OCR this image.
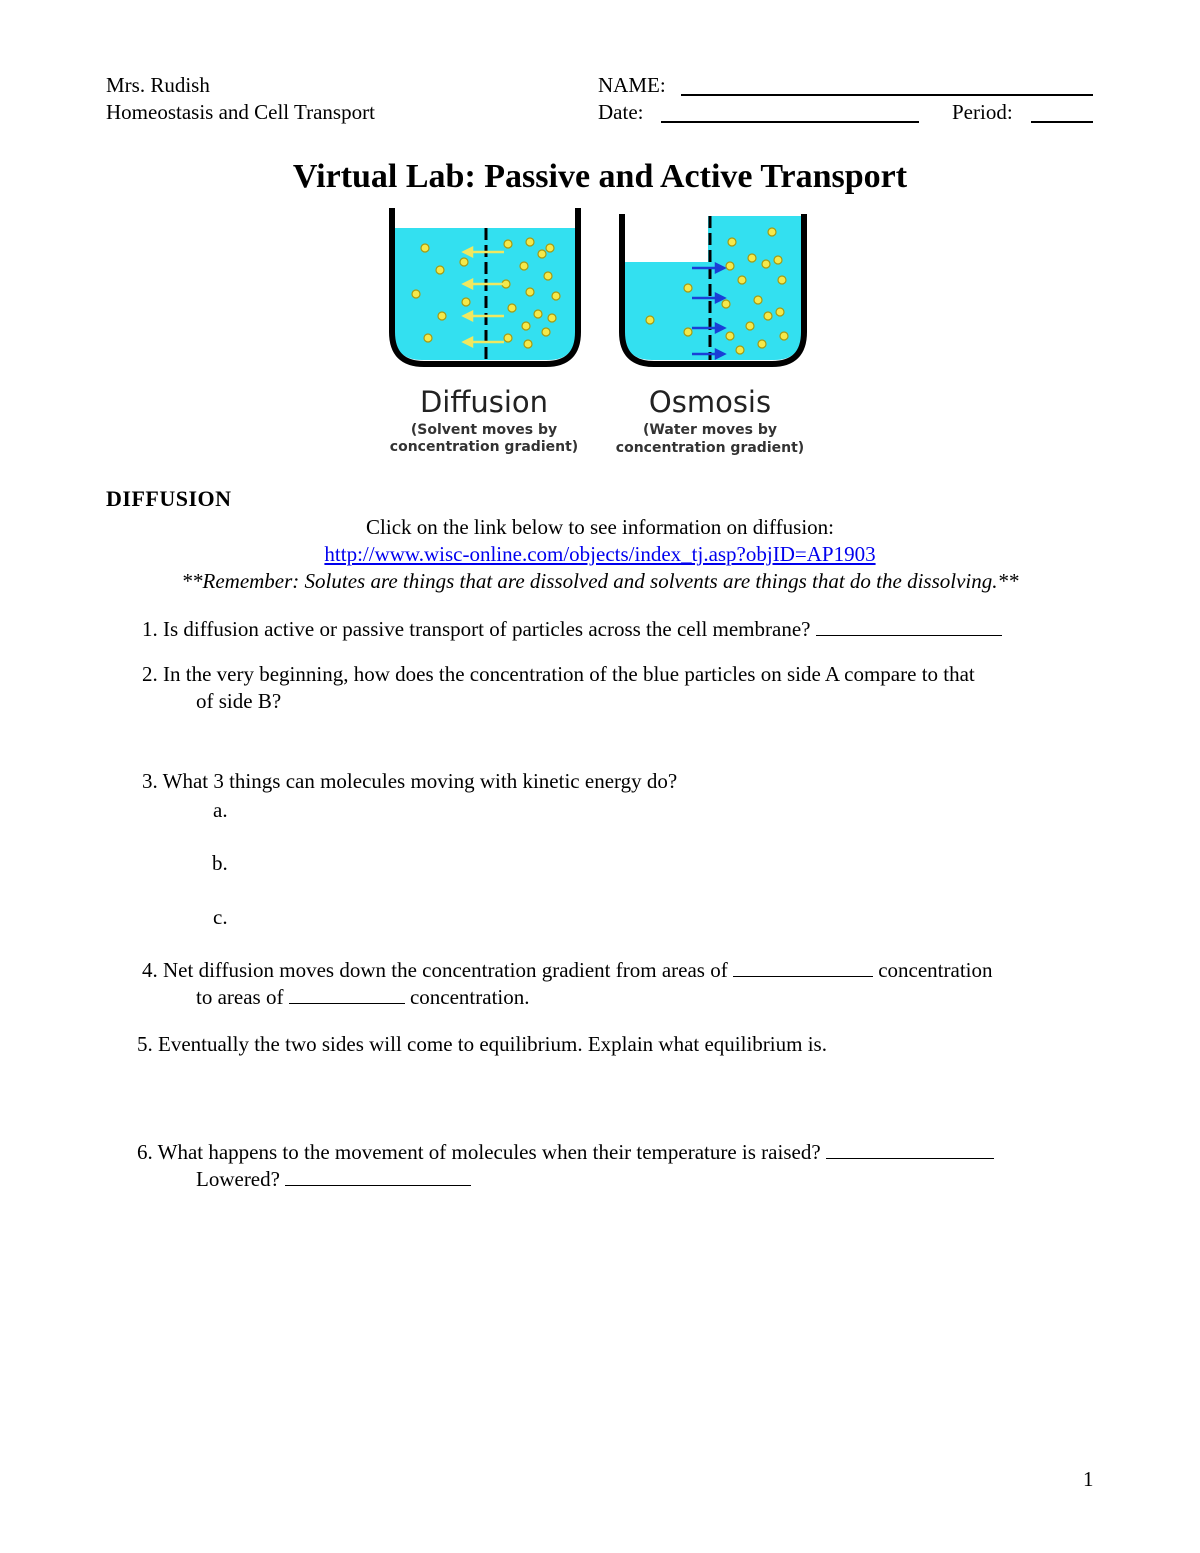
Mrs. Rudish
Homeostasis and Cell Transport
NAME:
Date:	Period:
Virtual Lab: Passive and Active Transport
Diffusion
(Solvent moves by
concentration gradient)
Osmosis
(Water moves by
concentration gradient)
DIFFUSION
Click on the link below to see information on diffusion:
http://www.wisc-online.com/objects/index_tj.asp?objID=AP1903
**Remember: Solutes are things that are dissolved and solvents are things that do the dissolving.**
1. Is diffusion active or passive transport of particles across the cell membrane?
2. In the very beginning, how does the concentration of the blue particles on side A compare to that
of side B?
3. What 3 things can molecules moving with kinetic energy do?
a.
b.
c.
4. Net diffusion moves down the concentration gradient from areas of	concentration
to areas of	concentration.
5. Eventually the two sides will come to equilibrium. Explain what equilibrium is.
6. What happens to the movement of molecules when their temperature is raised?
Lowered?
1
